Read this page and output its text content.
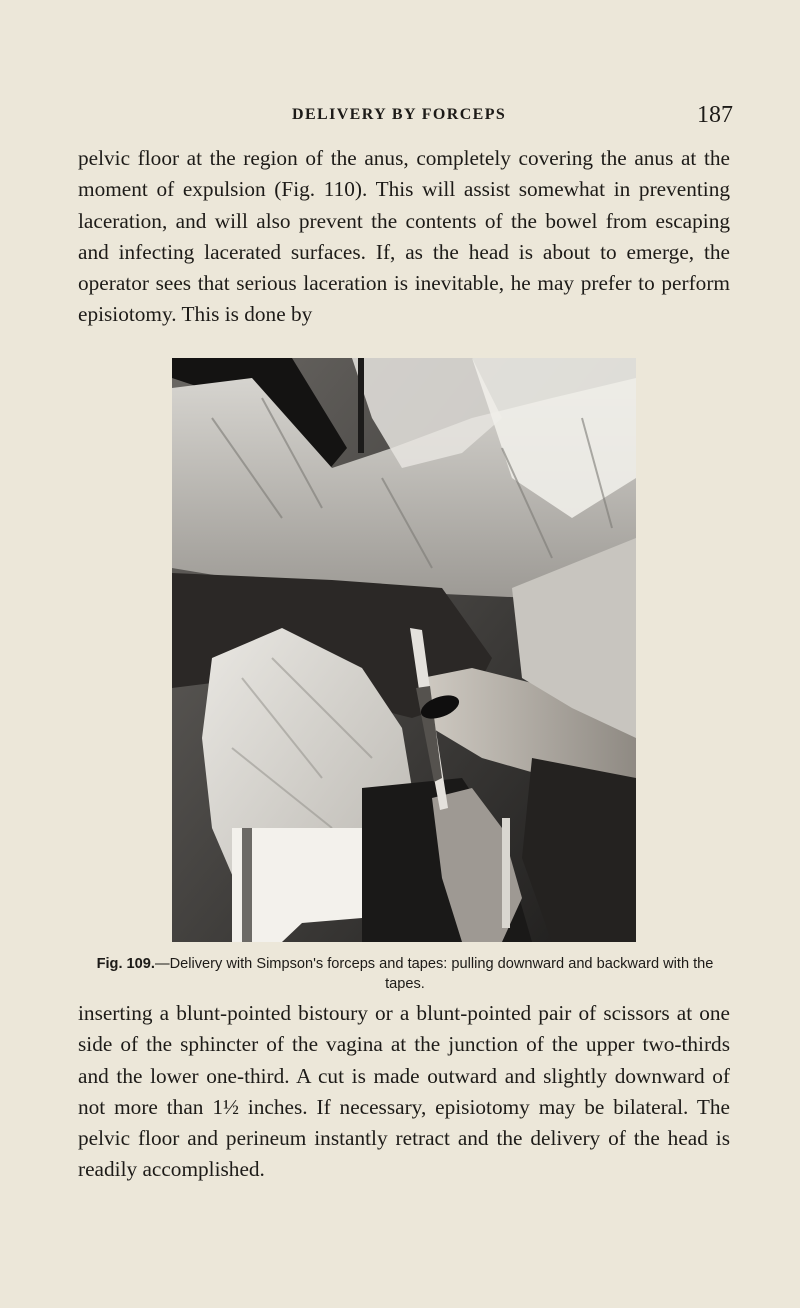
DELIVERY BY FORCEPS	187

pelvic floor at the region of the anus, completely covering the anus at the moment of expulsion (Fig. 110). This will assist somewhat in preventing laceration, and will also prevent the contents of the bowel from escaping and infecting lacerated surfaces. If, as the head is about to emerge, the operator sees that serious laceration is inevitable, he may prefer to perform episiotomy. This is done by

Fig. 109.—Delivery with Simpson's forceps and tapes: pulling downward and backward with the tapes.

inserting a blunt-pointed bistoury or a blunt-pointed pair of scissors at one side of the sphincter of the vagina at the junction of the upper two-thirds and the lower one-third. A cut is made outward and slightly downward of not more than 1½ inches. If necessary, episiotomy may be bilateral. The pelvic floor and perineum instantly retract and the delivery of the head is readily accomplished.
